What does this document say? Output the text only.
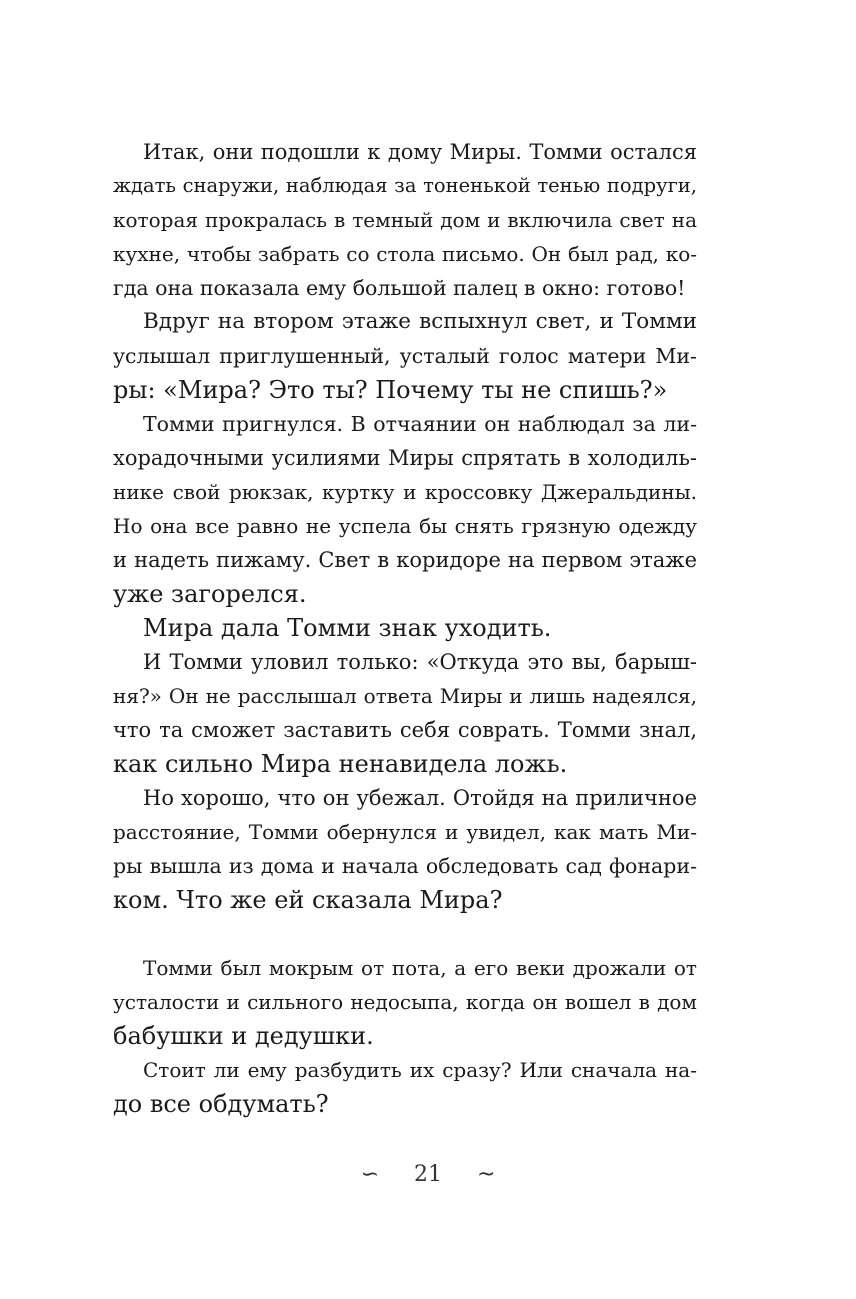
Итак, они подошли к дому Миры. Томми остался
ждать снаружи, наблюдая за тоненькой тенью подруги,
которая прокралась в темный дом и включила свет на
кухне, чтобы забрать со стола письмо. Он был рад, ко-
гда она показала ему большой палец в окно: готово!
Вдруг на втором этаже вспыхнул свет, и Томми
услышал приглушенный, усталый голос матери Ми-
ры: «Мира? Это ты? Почему ты не спишь?»
Томми пригнулся. В отчаянии он наблюдал за ли-
хорадочными усилиями Миры спрятать в холодиль-
нике свой рюкзак, куртку и кроссовку Джеральдины.
Но она все равно не успела бы снять грязную одежду
и надеть пижаму. Свет в коридоре на первом этаже
уже загорелся.
Мира дала Томми знак уходить.
И Томми уловил только: «Откуда это вы, барыш-
ня?» Он не расслышал ответа Миры и лишь надеялся,
что та сможет заставить себя соврать. Томми знал,
как сильно Мира ненавидела ложь.
Но хорошо, что он убежал. Отойдя на приличное
расстояние, Томми обернулся и увидел, как мать Ми-
ры вышла из дома и начала обследовать сад фонари-
ком. Что же ей сказала Мира?
Томми был мокрым от пота, а его веки дрожали от
усталости и сильного недосыпа, когда он вошел в дом
бабушки и дедушки.
Стоит ли ему разбудить их сразу? Или сначала на-
до все обдумать?
∽ 21 ~
